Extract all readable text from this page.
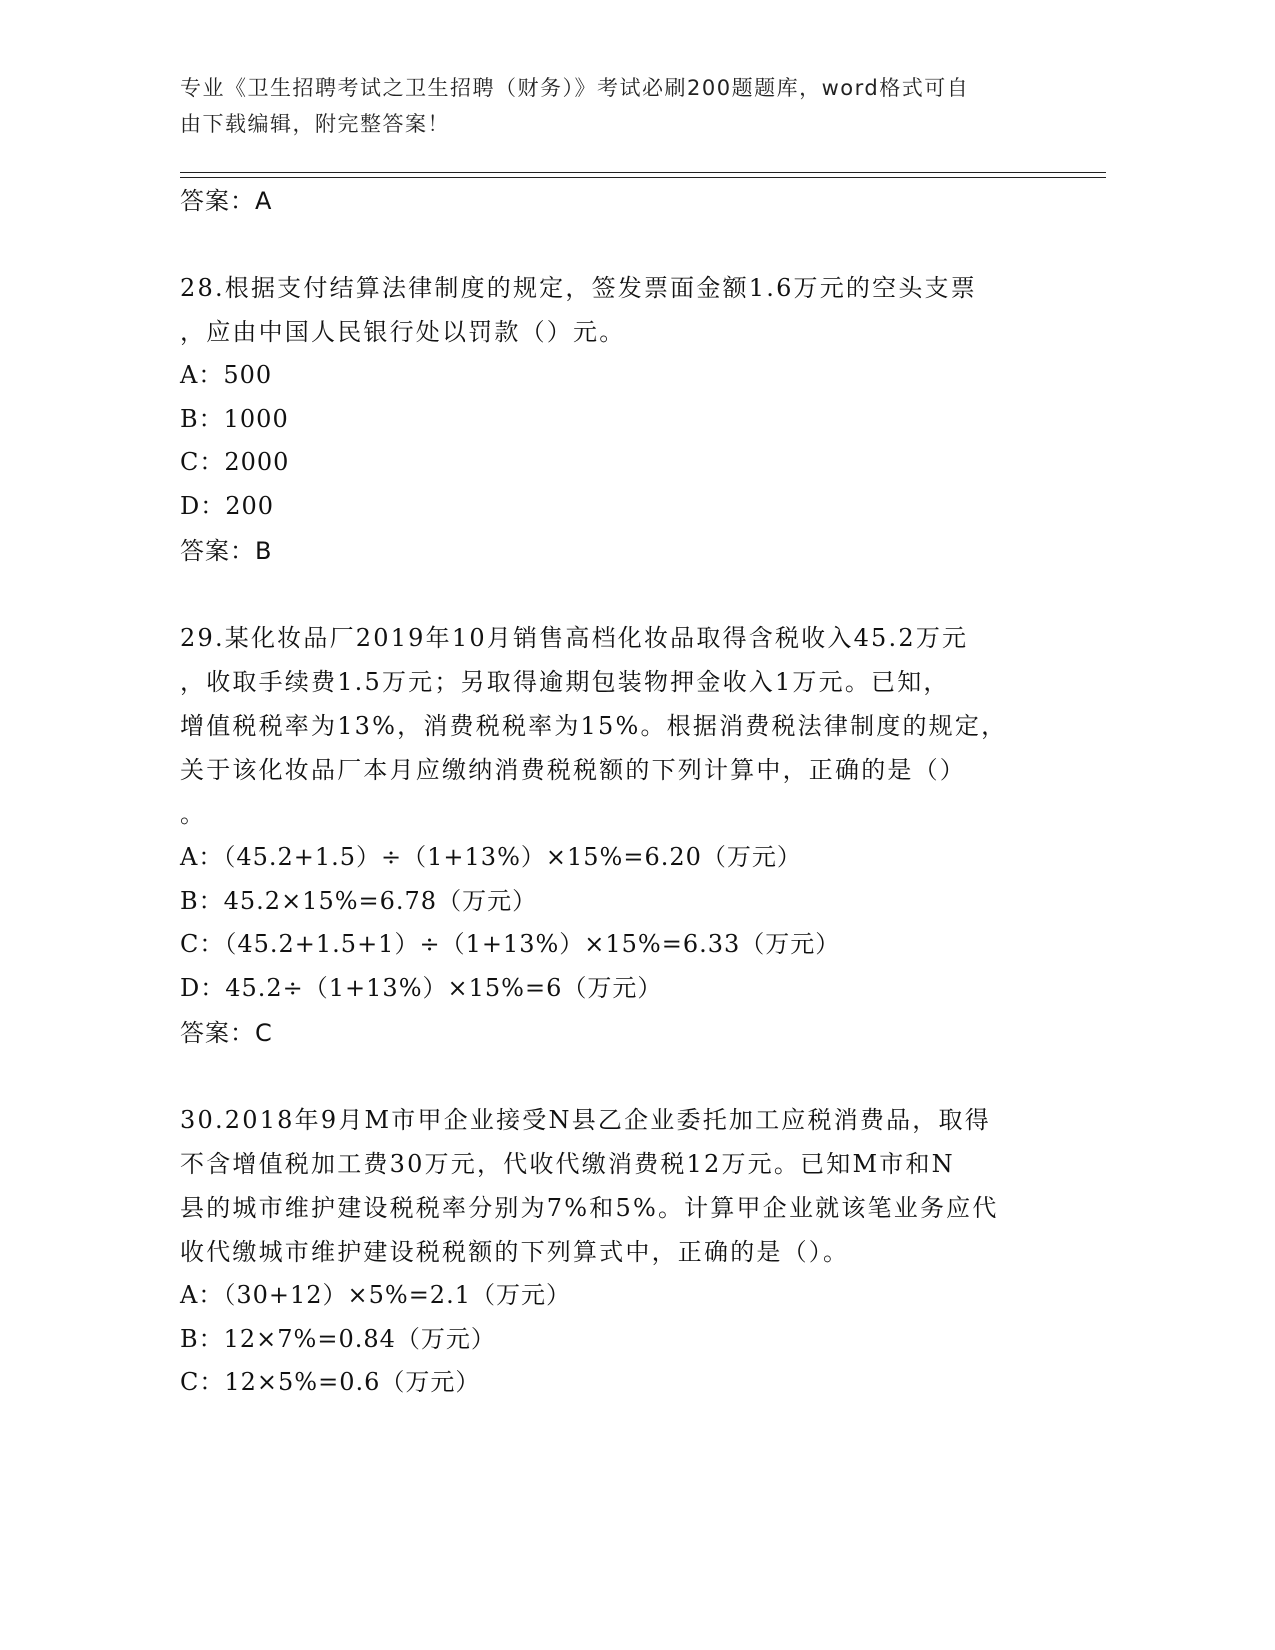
专业《卫生招聘考试之卫生招聘（财务）》考试必刷200题题库，word格式可自
由下载编辑，附完整答案！
答案：A
28.根据支付结算法律制度的规定，签发票面金额1.6万元的空头支票
，应由中国人民银行处以罚款（）元。
A：500
B：1000
C：2000
D：200
答案：B
29.某化妆品厂2019年10月销售高档化妆品取得含税收入45.2万元
，收取手续费1.5万元；另取得逾期包装物押金收入1万元。已知，
增值税税率为13%，消费税税率为15%。根据消费税法律制度的规定，
关于该化妆品厂本月应缴纳消费税税额的下列计算中，正确的是（）
。
A：（45.2+1.5）÷（1+13%）×15%=6.20（万元）
B：45.2×15%=6.78（万元）
C：（45.2+1.5+1）÷（1+13%）×15%=6.33（万元）
D：45.2÷（1+13%）×15%=6（万元）
答案：C
30.2018年9月M市甲企业接受N县乙企业委托加工应税消费品，取得
不含增值税加工费30万元，代收代缴消费税12万元。已知M市和N
县的城市维护建设税税率分别为7%和5%。计算甲企业就该笔业务应代
收代缴城市维护建设税税额的下列算式中，正确的是（）。
A：（30+12）×5%=2.1（万元）
B：12×7%=0.84（万元）
C：12×5%=0.6（万元）
